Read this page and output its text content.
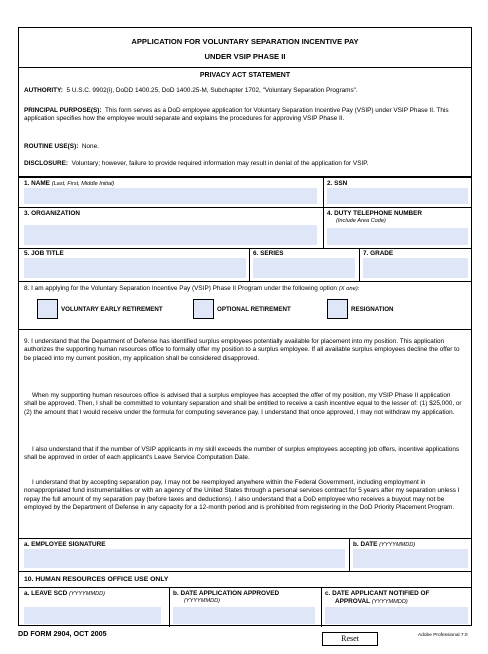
APPLICATION FOR VOLUNTARY SEPARATION INCENTIVE PAY
UNDER VSIP PHASE II
PRIVACY ACT STATEMENT
AUTHORITY: 5 U.S.C. 9902(i), DoDD 1400.25, DoD 1400.25-M, Subchapter 1702, "Voluntary Separation Programs".
PRINCIPAL PURPOSE(S): This form serves as a DoD employee application for Voluntary Separation Incentive Pay (VSIP) under VSIP Phase II. This application specifies how the employee would separate and explains the procedures for approving VSIP Phase II.
ROUTINE USE(S): None.
DISCLOSURE: Voluntary; however, failure to provide required information may result in denial of the application for VSIP.
1. NAME (Last, First, Middle Initial)	2. SSN
3. ORGANIZATION	4. DUTY TELEPHONE NUMBER
(Include Area Code)
5. JOB TITLE	6. SERIES	7. GRADE
8. I am applying for the Voluntary Separation Incentive Pay (VSIP) Phase II Program under the following option (X one):
VOLUNTARY EARLY RETIREMENT	OPTIONAL RETIREMENT	RESIGNATION
9. I understand that the Department of Defense has identified surplus employees potentially available for placement into my position. This application authorizes the supporting human resources office to formally offer my position to a surplus employee. If all available surplus employees decline the offer to be placed into my current position, my application shall be considered disapproved.
When my supporting human resources office is advised that a surplus employee has accepted the offer of my position, my VSIP Phase II application shall be approved. Then, I shall be committed to voluntary separation and shall be entitled to receive a cash incentive equal to the lesser of: (1) $25,000, or (2) the amount that I would receive under the formula for computing severance pay. I understand that once approved, I may not withdraw my application.
I also understand that if the number of VSIP applicants in my skill exceeds the number of surplus employees accepting job offers, incentive applications shall be approved in order of each applicant's Leave Service Computation Date.
I understand that by accepting separation pay, I may not be reemployed anywhere within the Federal Government, including employment in nonappropriated fund instrumentalities or with an agency of the United States through a personal services contract for 5 years after my separation unless I repay the full amount of my separation pay (before taxes and deductions). I also understand that a DoD employee who receives a buyout may not be employed by the Department of Defense in any capacity for a 12-month period and is prohibited from registering in the DoD Priority Placement Program.
a. EMPLOYEE SIGNATURE	b. DATE (YYYYMMDD)
10. HUMAN RESOURCES OFFICE USE ONLY
a. LEAVE SCD (YYYYMMDD)	b. DATE APPLICATION APPROVED
(YYYYMMDD)
c. DATE APPLICANT NOTIFIED OF
APPROVAL (YYYYMMDD)
DD FORM 2904, OCT 2005
Reset	Adobe Professional 7.0
